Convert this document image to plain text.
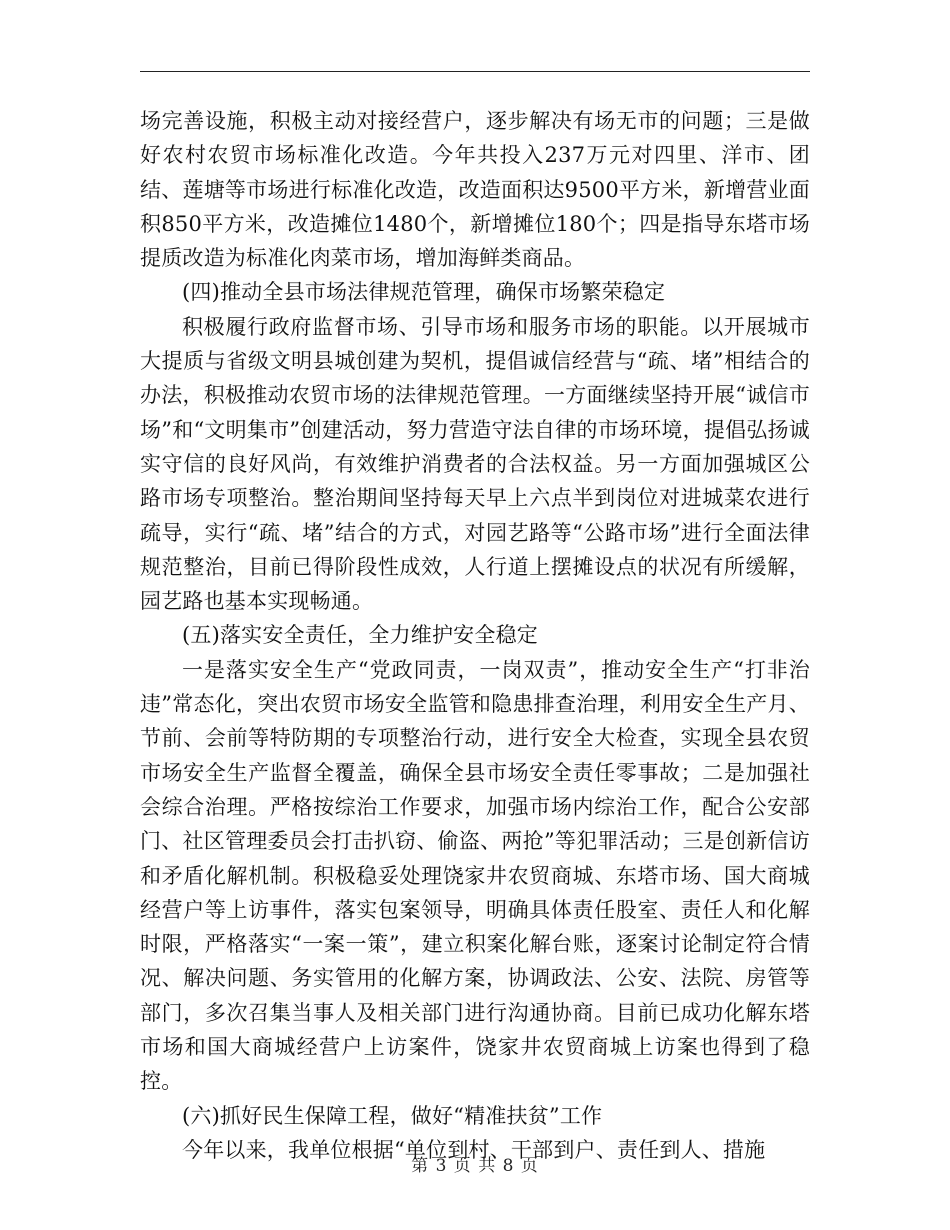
场完善设施，积极主动对接经营户，逐步解决有场无市的问题；三是做好农村农贸市场标准化改造。今年共投入237万元对四里、洋市、团结、莲塘等市场进行标准化改造，改造面积达9500平方米，新增营业面积850平方米，改造摊位1480个，新增摊位180个；四是指导东塔市场提质改造为标准化肉菜市场，增加海鲜类商品。

(四)推动全县市场法律规范管理，确保市场繁荣稳定

积极履行政府监督市场、引导市场和服务市场的职能。以开展城市大提质与省级文明县城创建为契机，提倡诚信经营与“疏、堵”相结合的办法，积极推动农贸市场的法律规范管理。一方面继续坚持开展“诚信市场”和“文明集市”创建活动，努力营造守法自律的市场环境，提倡弘扬诚实守信的良好风尚，有效维护消费者的合法权益。另一方面加强城区公路市场专项整治。整治期间坚持每天早上六点半到岗位对进城菜农进行疏导，实行“疏、堵”结合的方式，对园艺路等“公路市场”进行全面法律规范整治，目前已得阶段性成效，人行道上摆摊设点的状况有所缓解，园艺路也基本实现畅通。

(五)落实安全责任，全力维护安全稳定

一是落实安全生产“党政同责，一岗双责”，推动安全生产“打非治违”常态化，突出农贸市场安全监管和隐患排查治理，利用安全生产月、节前、会前等特防期的专项整治行动，进行安全大检查，实现全县农贸市场安全生产监督全覆盖，确保全县市场安全责任零事故；二是加强社会综合治理。严格按综治工作要求，加强市场内综治工作，配合公安部门、社区管理委员会打击扒窃、偷盗、两抢”等犯罪活动；三是创新信访和矛盾化解机制。积极稳妥处理饶家井农贸商城、东塔市场、国大商城经营户等上访事件，落实包案领导，明确具体责任股室、责任人和化解时限，严格落实“一案一策”，建立积案化解台账，逐案讨论制定符合情况、解决问题、务实管用的化解方案，协调政法、公安、法院、房管等部门，多次召集当事人及相关部门进行沟通协商。目前已成功化解东塔市场和国大商城经营户上访案件，饶家井农贸商城上访案也得到了稳控。

(六)抓好民生保障工程，做好“精准扶贫”工作

今年以来，我单位根据“单位到村、干部到户、责任到人、措施

第 3 页 共 8 页
